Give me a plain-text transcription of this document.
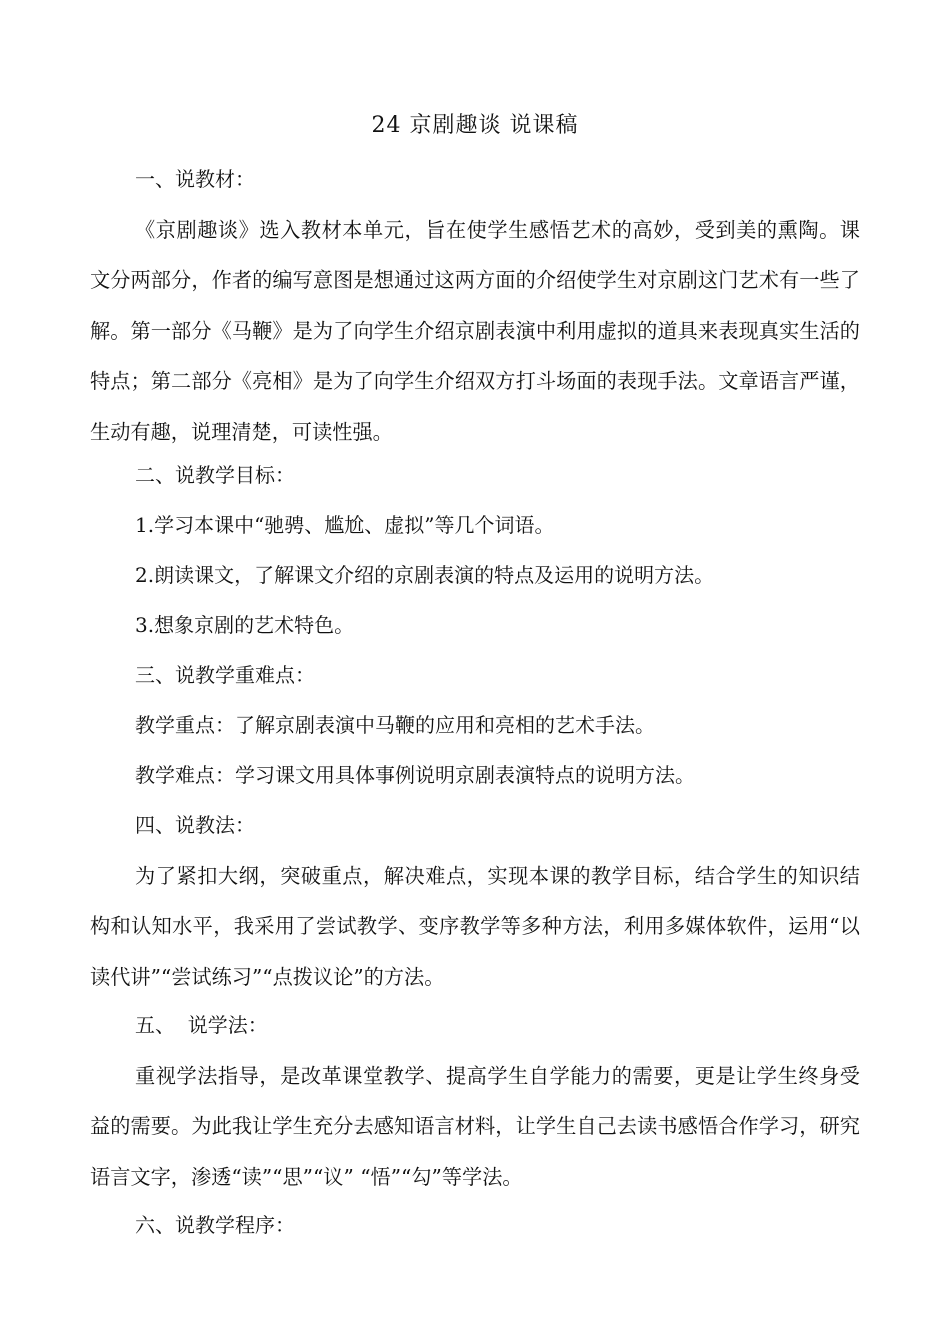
24 京剧趣谈 说课稿
一、说教材：
《京剧趣谈》选入教材本单元，旨在使学生感悟艺术的高妙，受到美的熏陶。课文分两部分，作者的编写意图是想通过这两方面的介绍使学生对京剧这门艺术有一些了解。第一部分《马鞭》是为了向学生介绍京剧表演中利用虚拟的道具来表现真实生活的特点；第二部分《亮相》是为了向学生介绍双方打斗场面的表现手法。文章语言严谨，生动有趣，说理清楚，可读性强。
二、说教学目标：
1.学习本课中“驰骋、尴尬、虚拟”等几个词语。
2.朗读课文，了解课文介绍的京剧表演的特点及运用的说明方法。
3.想象京剧的艺术特色。
三、说教学重难点：
教学重点：了解京剧表演中马鞭的应用和亮相的艺术手法。
教学难点：学习课文用具体事例说明京剧表演特点的说明方法。
四、说教法：
为了紧扣大纲，突破重点，解决难点，实现本课的教学目标，结合学生的知识结构和认知水平，我采用了尝试教学、变序教学等多种方法，利用多媒体软件，运用“以读代讲”“尝试练习”“点拨议论”的方法。
五、  说学法：
重视学法指导，是改革课堂教学、提高学生自学能力的需要，更是让学生终身受益的需要。为此我让学生充分去感知语言材料，让学生自己去读书感悟合作学习，研究语言文字，渗透“读”“思”“议” “悟”“勾”等学法。
六、说教学程序：
